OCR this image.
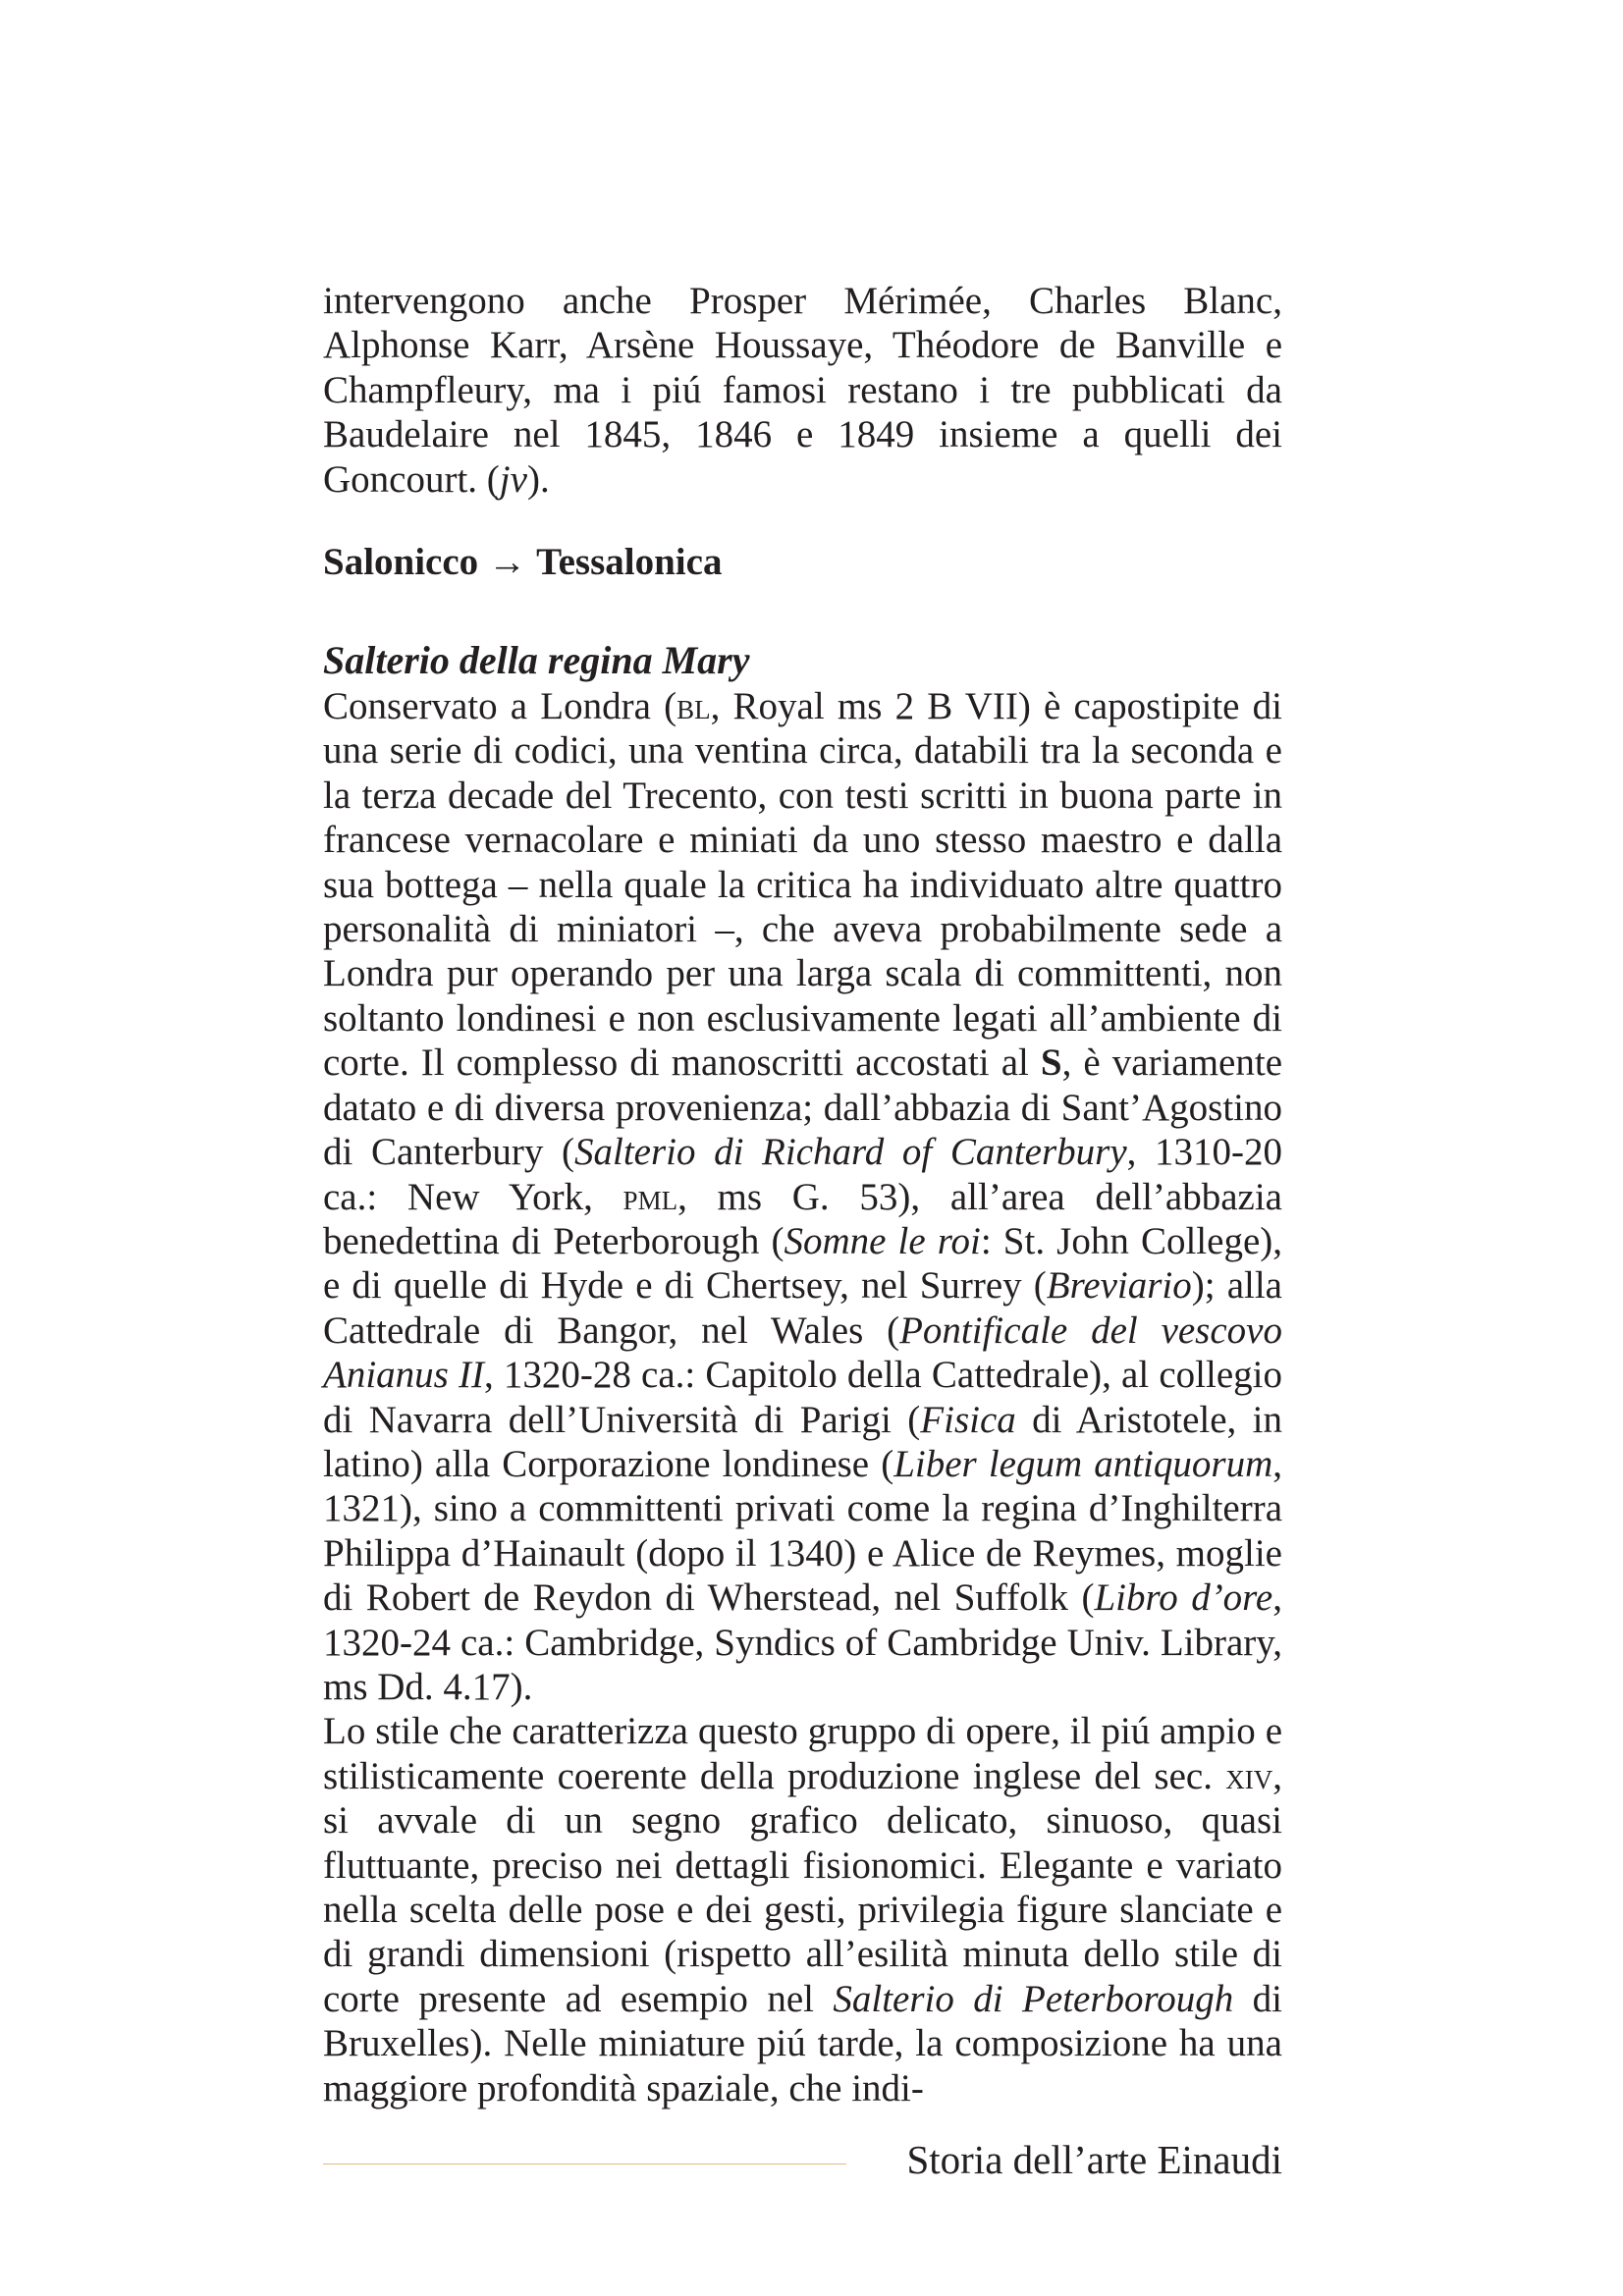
intervengono anche Prosper Mérimée, Charles Blanc, Alphonse Karr, Arsène Houssaye, Théodore de Banville e Champfleury, ma i piú famosi restano i tre pubblicati da Baudelaire nel 1845, 1846 e 1849 insieme a quelli dei Goncourt. (jv).

Salonicco → Tessalonica
Salterio della regina Mary

Conservato a Londra (bl, Royal ms 2 B VII) è capostipite di una serie di codici, una ventina circa, databili tra la seconda e la terza decade del Trecento, con testi scritti in buona parte in francese vernacolare e miniati da uno stesso maestro e dalla sua bottega – nella quale la critica ha individuato altre quattro personalità di miniatori –, che aveva probabilmente sede a Londra pur operando per una larga scala di committenti, non soltanto londinesi e non esclusivamente legati all’ambiente di corte. Il complesso di manoscritti accostati al S, è variamente datato e di diversa provenienza; dall’abbazia di Sant’Agostino di Canterbury (Salterio di Richard of Canterbury, 1310-20 ca.: New York, pml, ms G. 53), all’area dell’abbazia benedettina di Peterborough (Somne le roi: St. John College), e di quelle di Hyde e di Chertsey, nel Surrey (Breviario); alla Cattedrale di Bangor, nel Wales (Pontificale del vescovo Anianus II, 1320-28 ca.: Capitolo della Cattedrale), al collegio di Navarra dell’Università di Parigi (Fisica di Aristotele, in latino) alla Corporazione londinese (Liber legum antiquorum, 1321), sino a committenti privati come la regina d’Inghilterra Philippa d’Hainault (dopo il 1340) e Alice de Reymes, moglie di Robert de Reydon di Wherstead, nel Suffolk (Libro d’ore, 1320-24 ca.: Cambridge, Syndics of Cambridge Univ. Library, ms Dd. 4.17).

Lo stile che caratterizza questo gruppo di opere, il piú ampio e stilisticamente coerente della produzione inglese del sec. xiv, si avvale di un segno grafico delicato, sinuoso, quasi fluttuante, preciso nei dettagli fisionomici. Elegante e variato nella scelta delle pose e dei gesti, privilegia figure slanciate e di grandi dimensioni (rispetto all’esilità minuta dello stile di corte presente ad esempio nel Salterio di Peterborough di Bruxelles). Nelle miniature piú tarde, la composizione ha una maggiore profondità spaziale, che indi-

Storia dell’arte Einaudi
